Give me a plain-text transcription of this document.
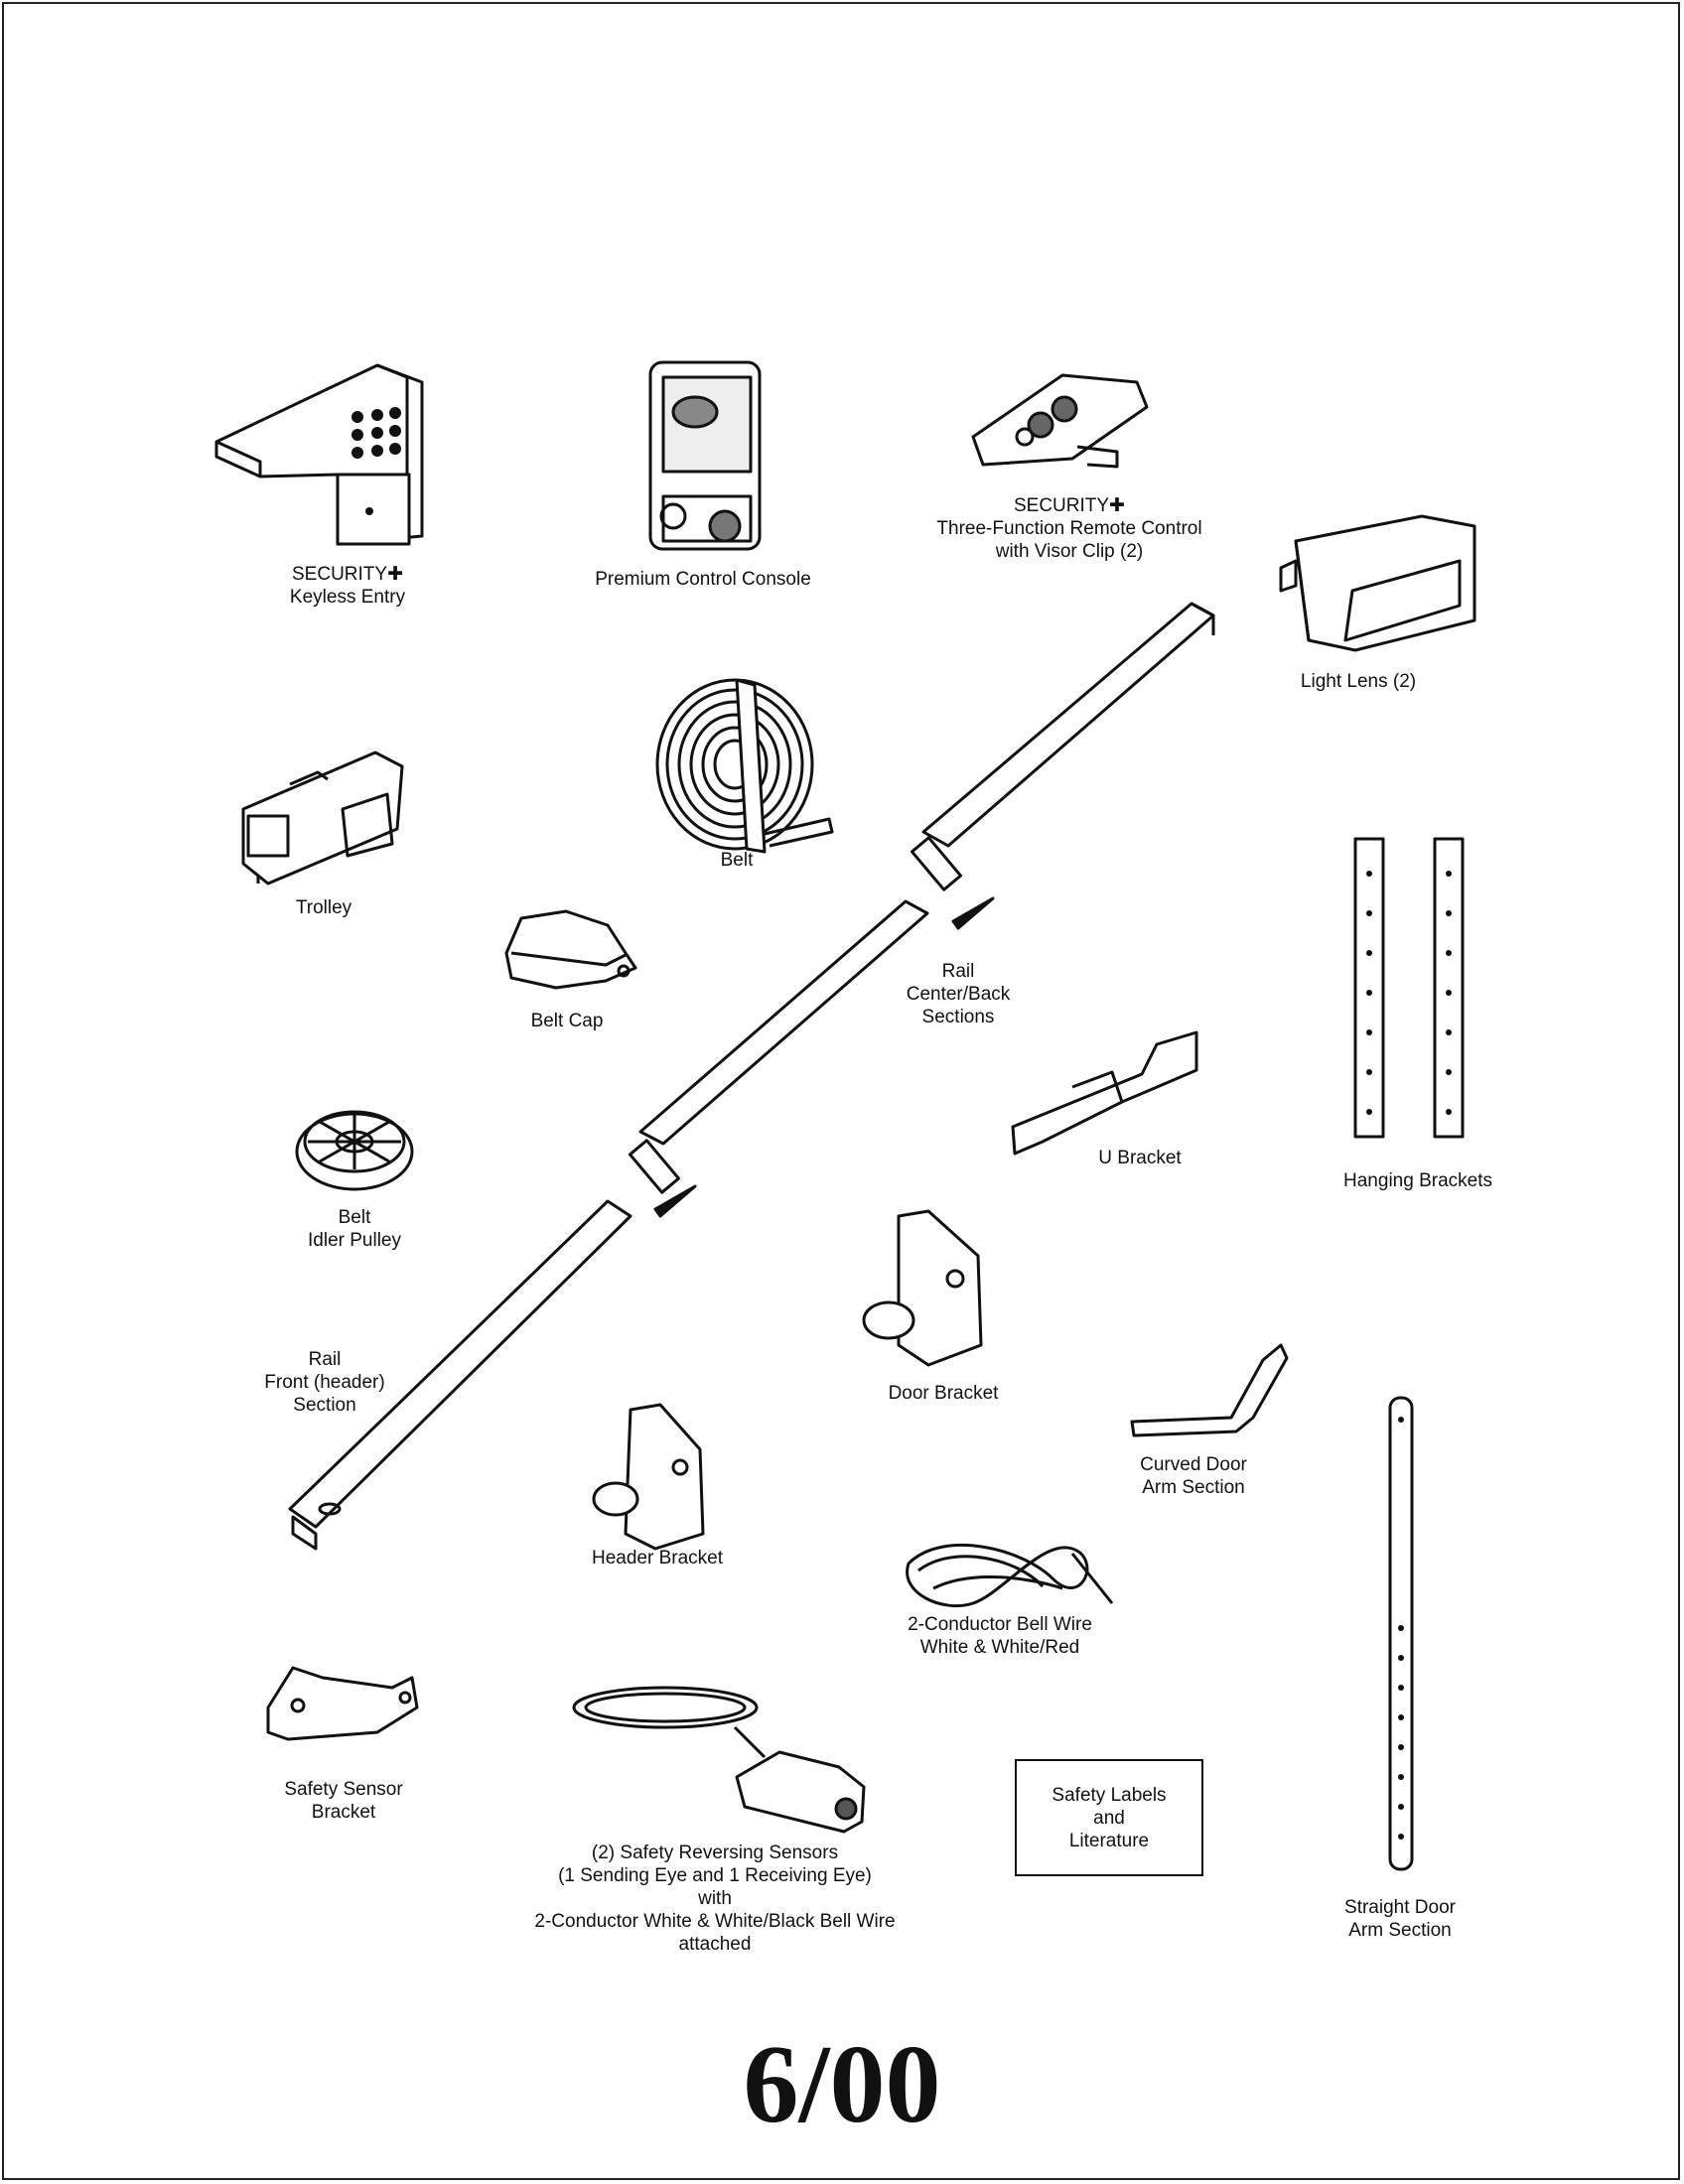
SECURITY✚
Keyless Entry
Premium Control Console
SECURITY✚
Three-Function Remote Control
with Visor Clip (2)
Light Lens (2)
Belt
Trolley
Rail
Center/Back
Sections
Belt Cap
U Bracket
Hanging Brackets
Belt
Idler Pulley
Rail
Front (header)
Section
Door Bracket
Curved Door
Arm Section
Header Bracket
2-Conductor Bell Wire
White & White/Red
Safety Sensor
Bracket
(2) Safety Reversing Sensors
(1 Sending Eye and 1 Receiving Eye)
with
2-Conductor White & White/Black Bell Wire
attached
Safety Labels
and
Literature
Straight Door
Arm Section
6/00
